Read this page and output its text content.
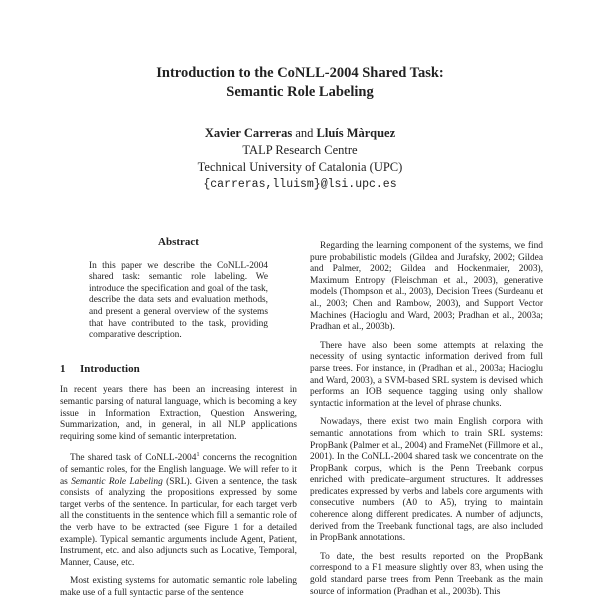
Introduction to the CoNLL-2004 Shared Task:
Semantic Role Labeling
Xavier Carreras and Lluís Màrquez
TALP Research Centre
Technical University of Catalonia (UPC)
{carreras,lluism}@lsi.upc.es
Abstract

In this paper we describe the CoNLL-2004 shared task: semantic role labeling. We introduce the specification and goal of the task, describe the data sets and evaluation methods, and present a general overview of the systems that have contributed to the task, providing comparative description.

1 Introduction

In recent years there has been an increasing interest in semantic parsing of natural language, which is becoming a key issue in Information Extraction, Question Answering, Summarization, and, in general, in all NLP applications requiring some kind of semantic interpretation.

The shared task of CoNLL-2004$^1$ concerns the recognition of semantic roles, for the English language. We will refer to it as Semantic Role Labeling (SRL). Given a sentence, the task consists of analyzing the propositions expressed by some target verbs of the sentence. In particular, for each target verb all the constituents in the sentence which fill a semantic role of the verb have to be extracted (see Figure 1 for a detailed example). Typical semantic arguments include Agent, Patient, Instrument, etc. and also adjuncts such as Locative, Temporal, Manner, Cause, etc.

Most existing systems for automatic semantic role labeling make use of a full syntactic parse of the sentence

Regarding the learning component of the systems, we find pure probabilistic models (Gildea and Jurafsky, 2002; Gildea and Palmer, 2002; Gildea and Hockenmaier, 2003), Maximum Entropy (Fleischman et al., 2003), generative models (Thompson et al., 2003), Decision Trees (Surdeanu et al., 2003; Chen and Rambow, 2003), and Support Vector Machines (Hacioglu and Ward, 2003; Pradhan et al., 2003a; Pradhan et al., 2003b).

There have also been some attempts at relaxing the necessity of using syntactic information derived from full parse trees. For instance, in (Pradhan et al., 2003a; Hacioglu and Ward, 2003), a SVM-based SRL system is devised which performs an IOB sequence tagging using only shallow syntactic information at the level of phrase chunks.

Nowadays, there exist two main English corpora with semantic annotations from which to train SRL systems: PropBank (Palmer et al., 2004) and FrameNet (Fillmore et al., 2001). In the CoNLL-2004 shared task we concentrate on the PropBank corpus, which is the Penn Treebank corpus enriched with predicate–argument structures. It addresses predicates expressed by verbs and labels core arguments with consecutive numbers (A0 to A5), trying to maintain coherence along different predicates. A number of adjuncts, derived from the Treebank functional tags, are also included in PropBank annotations.

To date, the best results reported on the PropBank correspond to a F1 measure slightly over 83, when using the gold standard parse trees from Penn Treebank as the main source of information (Pradhan et al., 2003b). This
